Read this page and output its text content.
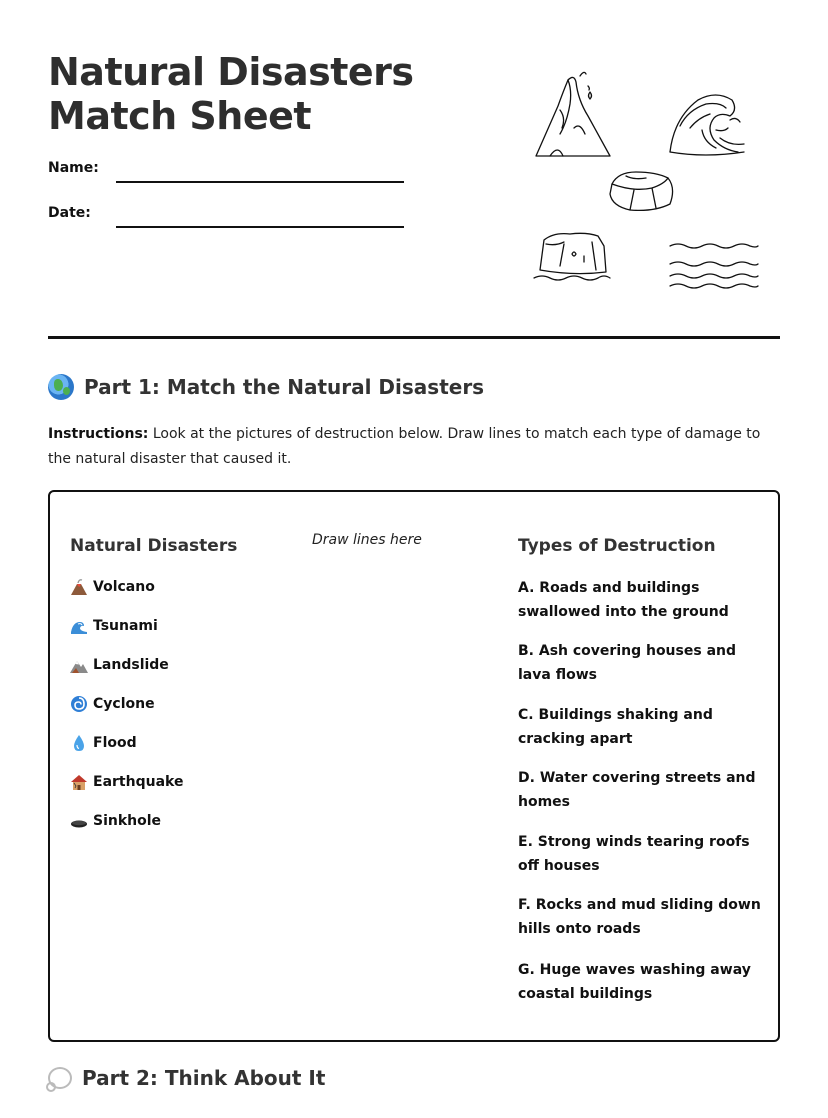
Natural Disasters Match Sheet
Name:
Date:
Part 1: Match the Natural Disasters

Instructions: Look at the pictures of destruction below. Draw lines to match each type of damage to the natural disaster that caused it.

Natural Disasters	Draw lines here	Types of Destruction
Volcano
Tsunami
Landslide
Cyclone
Flood
Earthquake
Sinkhole
A. Roads and buildings swallowed into the ground
B. Ash covering houses and lava flows
C. Buildings shaking and cracking apart
D. Water covering streets and homes
E. Strong winds tearing roofs off houses
F. Rocks and mud sliding down hills onto roads
G. Huge waves washing away coastal buildings
Part 2: Think About It
